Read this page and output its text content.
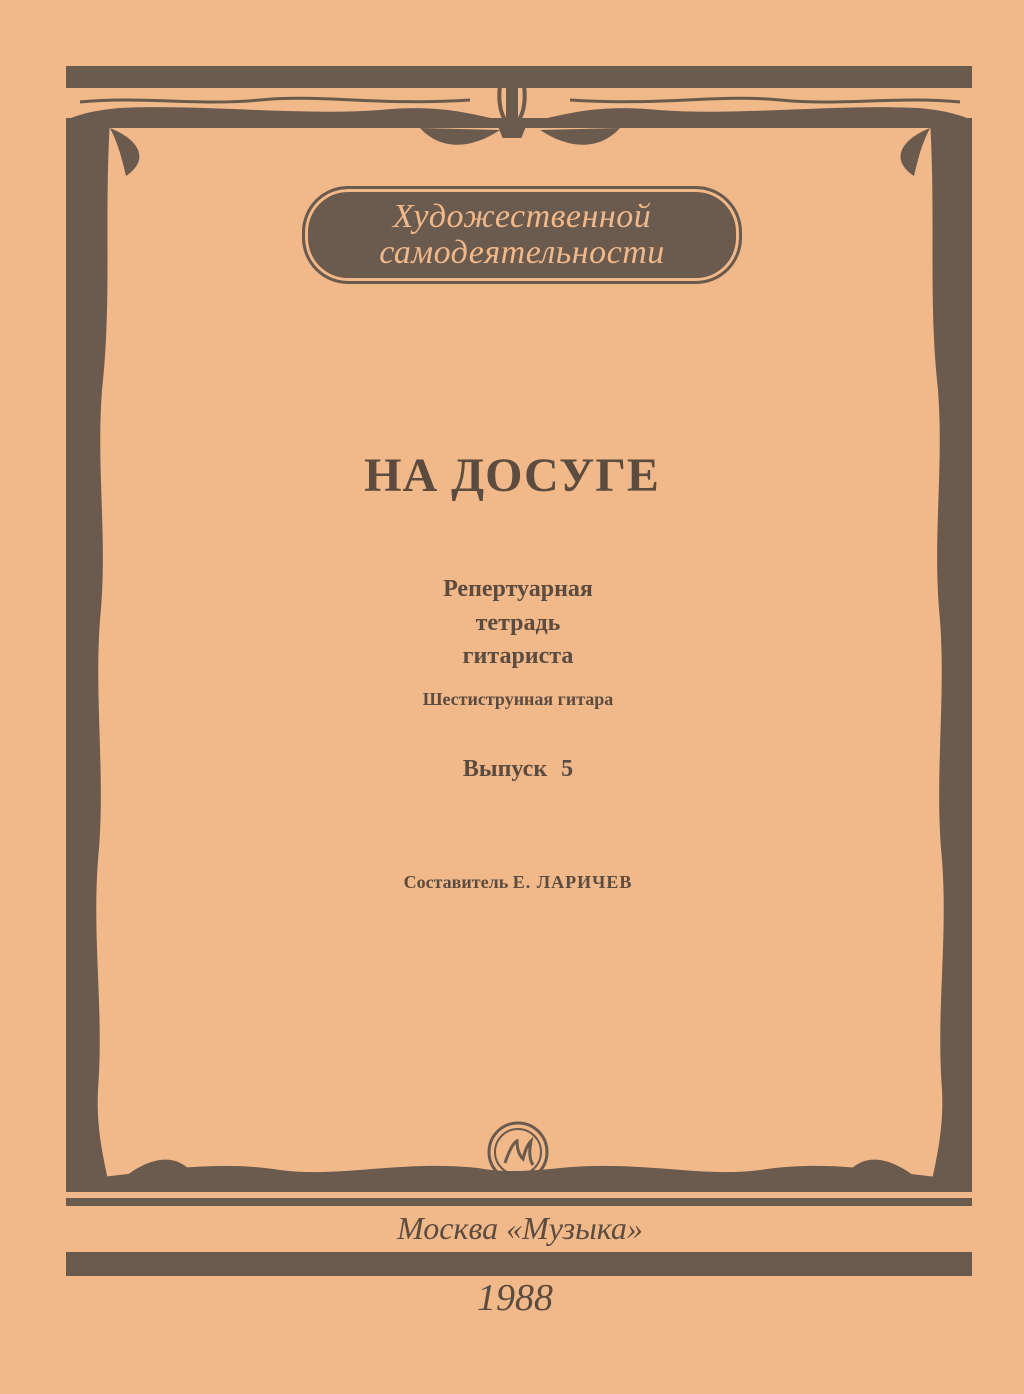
Художественной
самодеятельности
НА ДОСУГЕ
Репертуарная
тетрадь
гитариста
Шестиструнная гитара
Выпуск 5
Составитель Е. ЛАРИЧЕВ
Москва «Музыка»
1988
